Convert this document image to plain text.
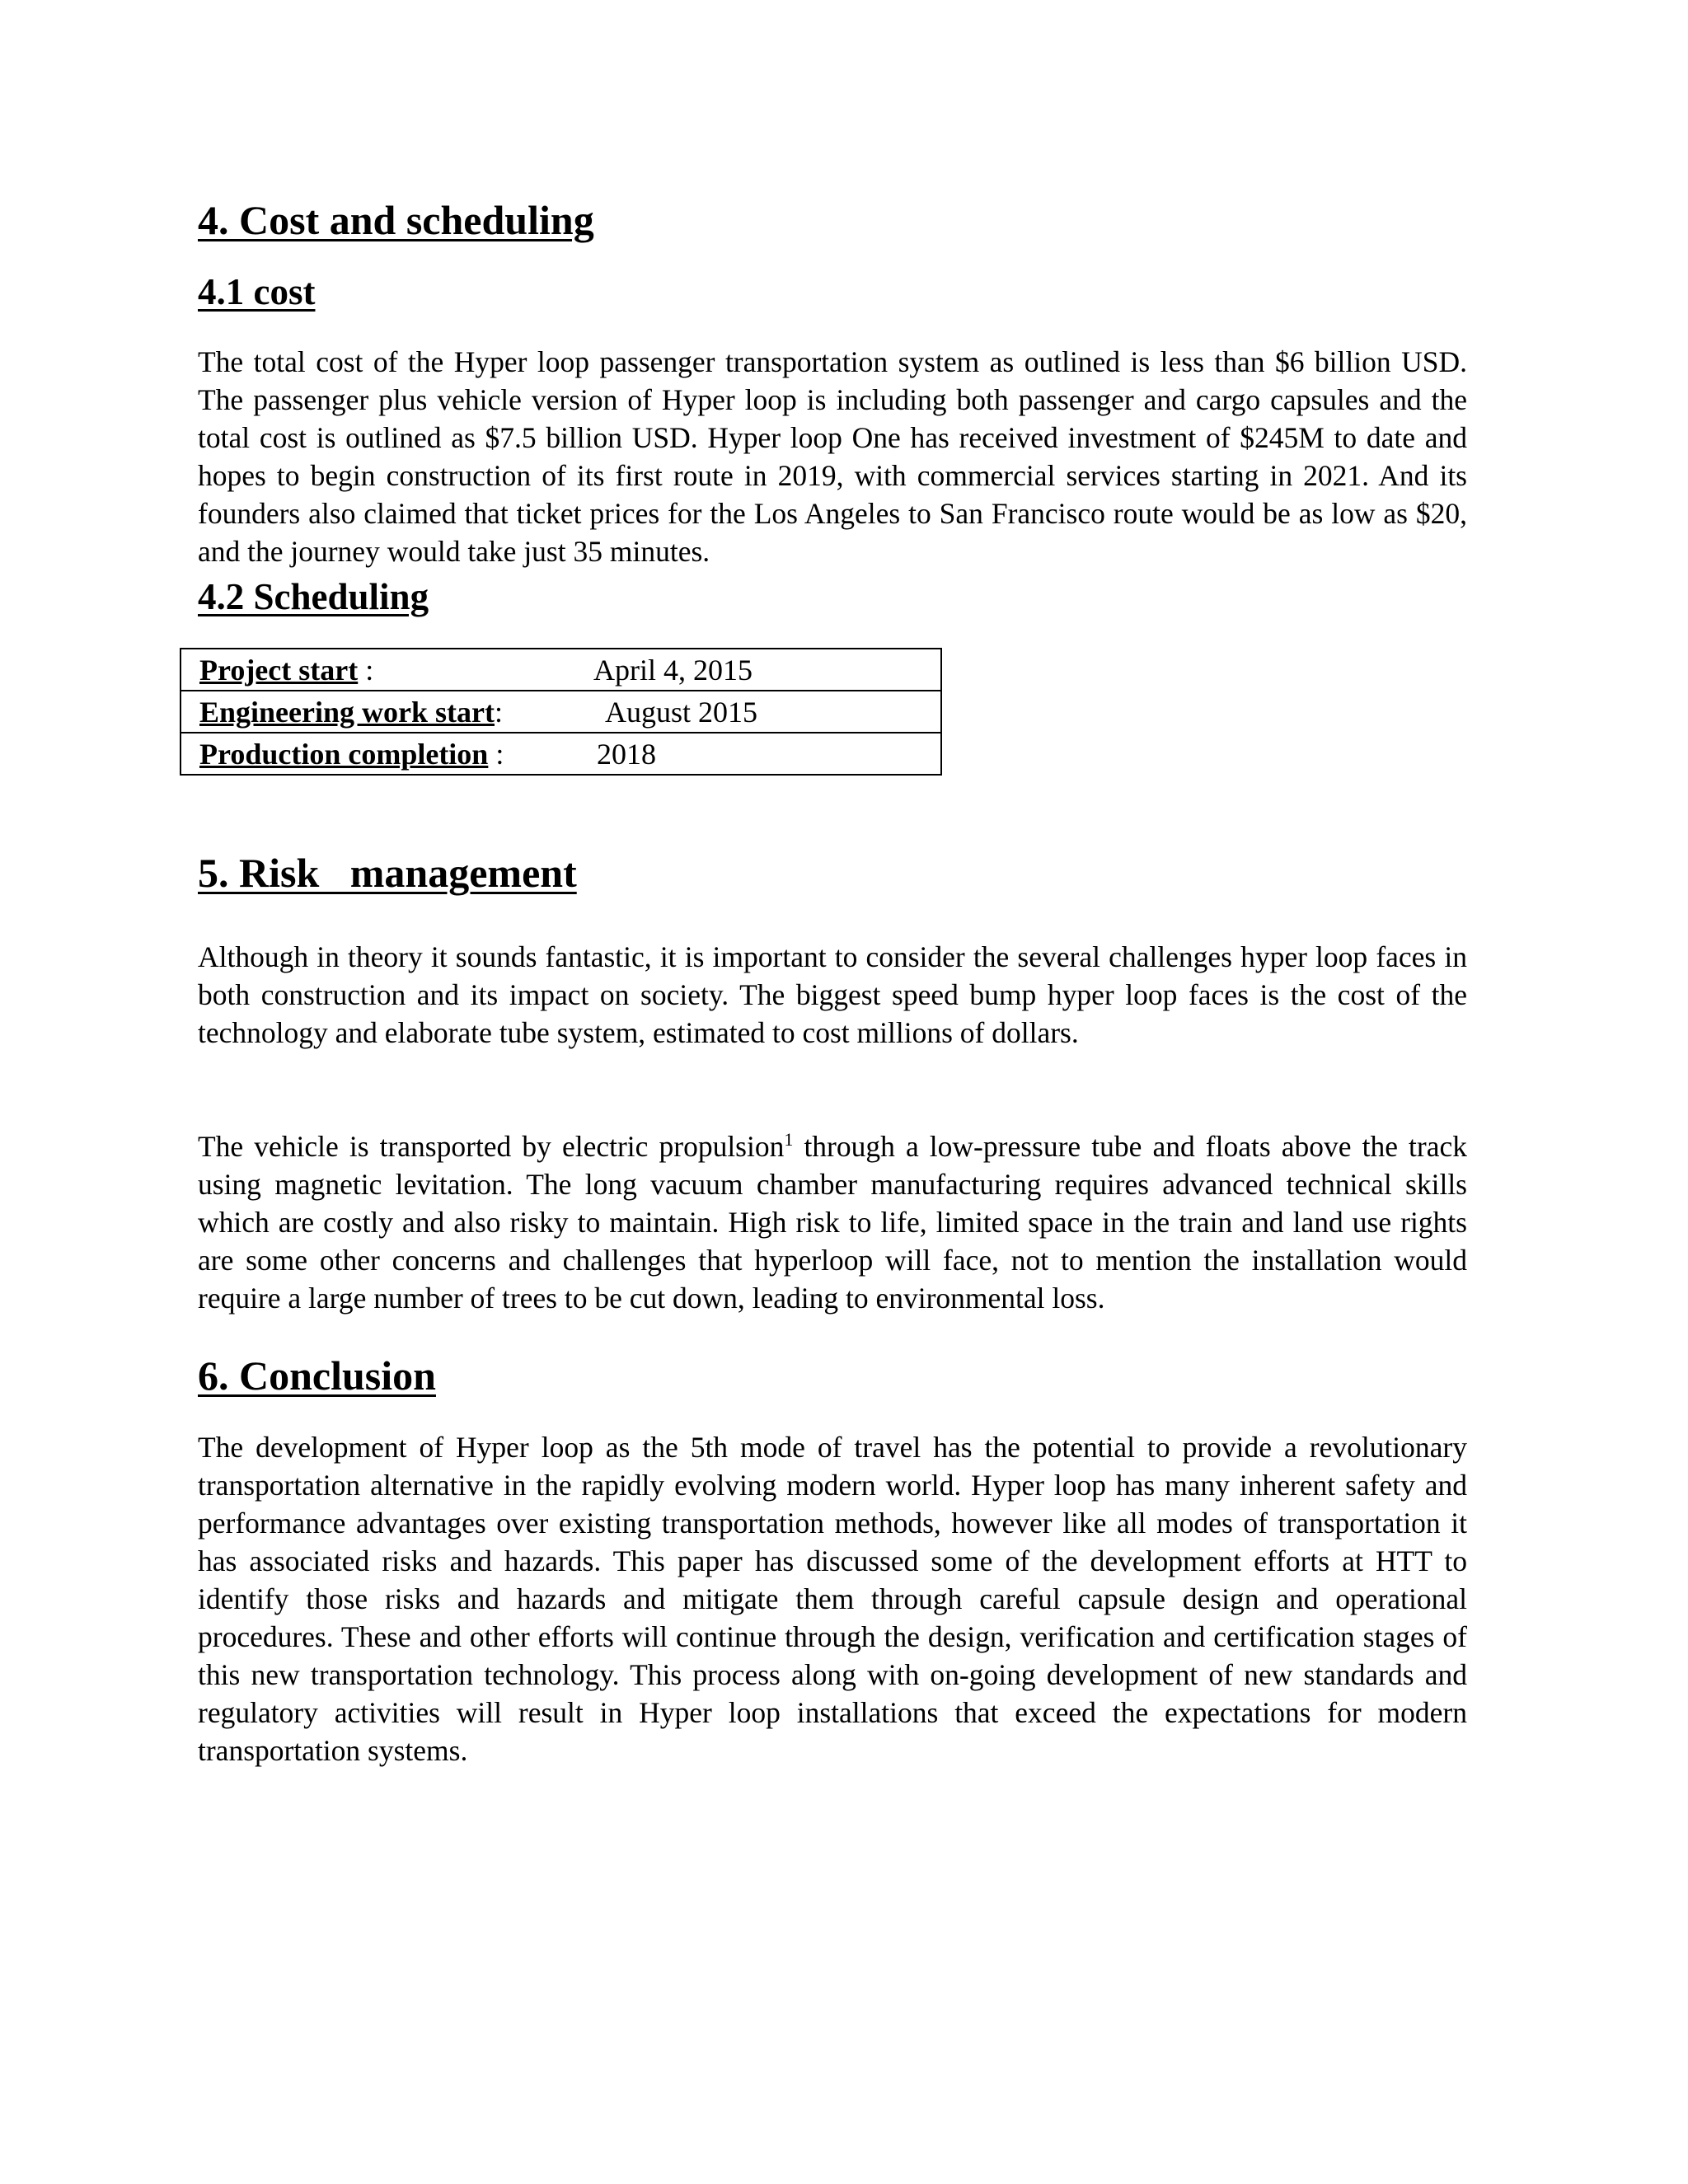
4. Cost and scheduling
4.1 cost

The total cost of the Hyper loop passenger transportation system as outlined is less than $6 billion USD. The passenger plus vehicle version of Hyper loop is including both passenger and cargo capsules and the total cost is outlined as $7.5 billion USD. Hyper loop One has received investment of $245M to date and hopes to begin construction of its first route in 2019, with commercial services starting in 2021. And its founders also claimed that ticket prices for the Los Angeles to San Francisco route would be as low as $20, and the journey would take just 35 minutes.

4.2 Scheduling
Project start :	April 4, 2015
Engineering work start:	August 2015
Production completion :	2018
5. Risk   management

Although in theory it sounds fantastic, it is important to consider the several challenges hyper loop faces in both construction and its impact on society. The biggest speed bump hyper loop faces is the cost of the technology and elaborate tube system, estimated to cost millions of dollars.

The vehicle is transported by electric propulsion$^1$ through a low-pressure tube and floats above the track using magnetic levitation. The long vacuum chamber manufacturing requires advanced technical skills which are costly and also risky to maintain. High risk to life, limited space in the train and land use rights are some other concerns and challenges that hyperloop will face, not to mention the installation would require a large number of trees to be cut down, leading to environmental loss.

6. Conclusion

The development of Hyper loop as the 5th mode of travel has the potential to provide a revolutionary transportation alternative in the rapidly evolving modern world. Hyper loop has many inherent safety and performance advantages over existing transportation methods, however like all modes of transportation it has associated risks and hazards. This paper has discussed some of the development efforts at HTT to identify those risks and hazards and mitigate them through careful capsule design and operational procedures. These and other efforts will continue through the design, verification and certification stages of this new transportation technology. This process along with on-going development of new standards and regulatory activities will result in Hyper loop installations that exceed the expectations for modern transportation systems.
